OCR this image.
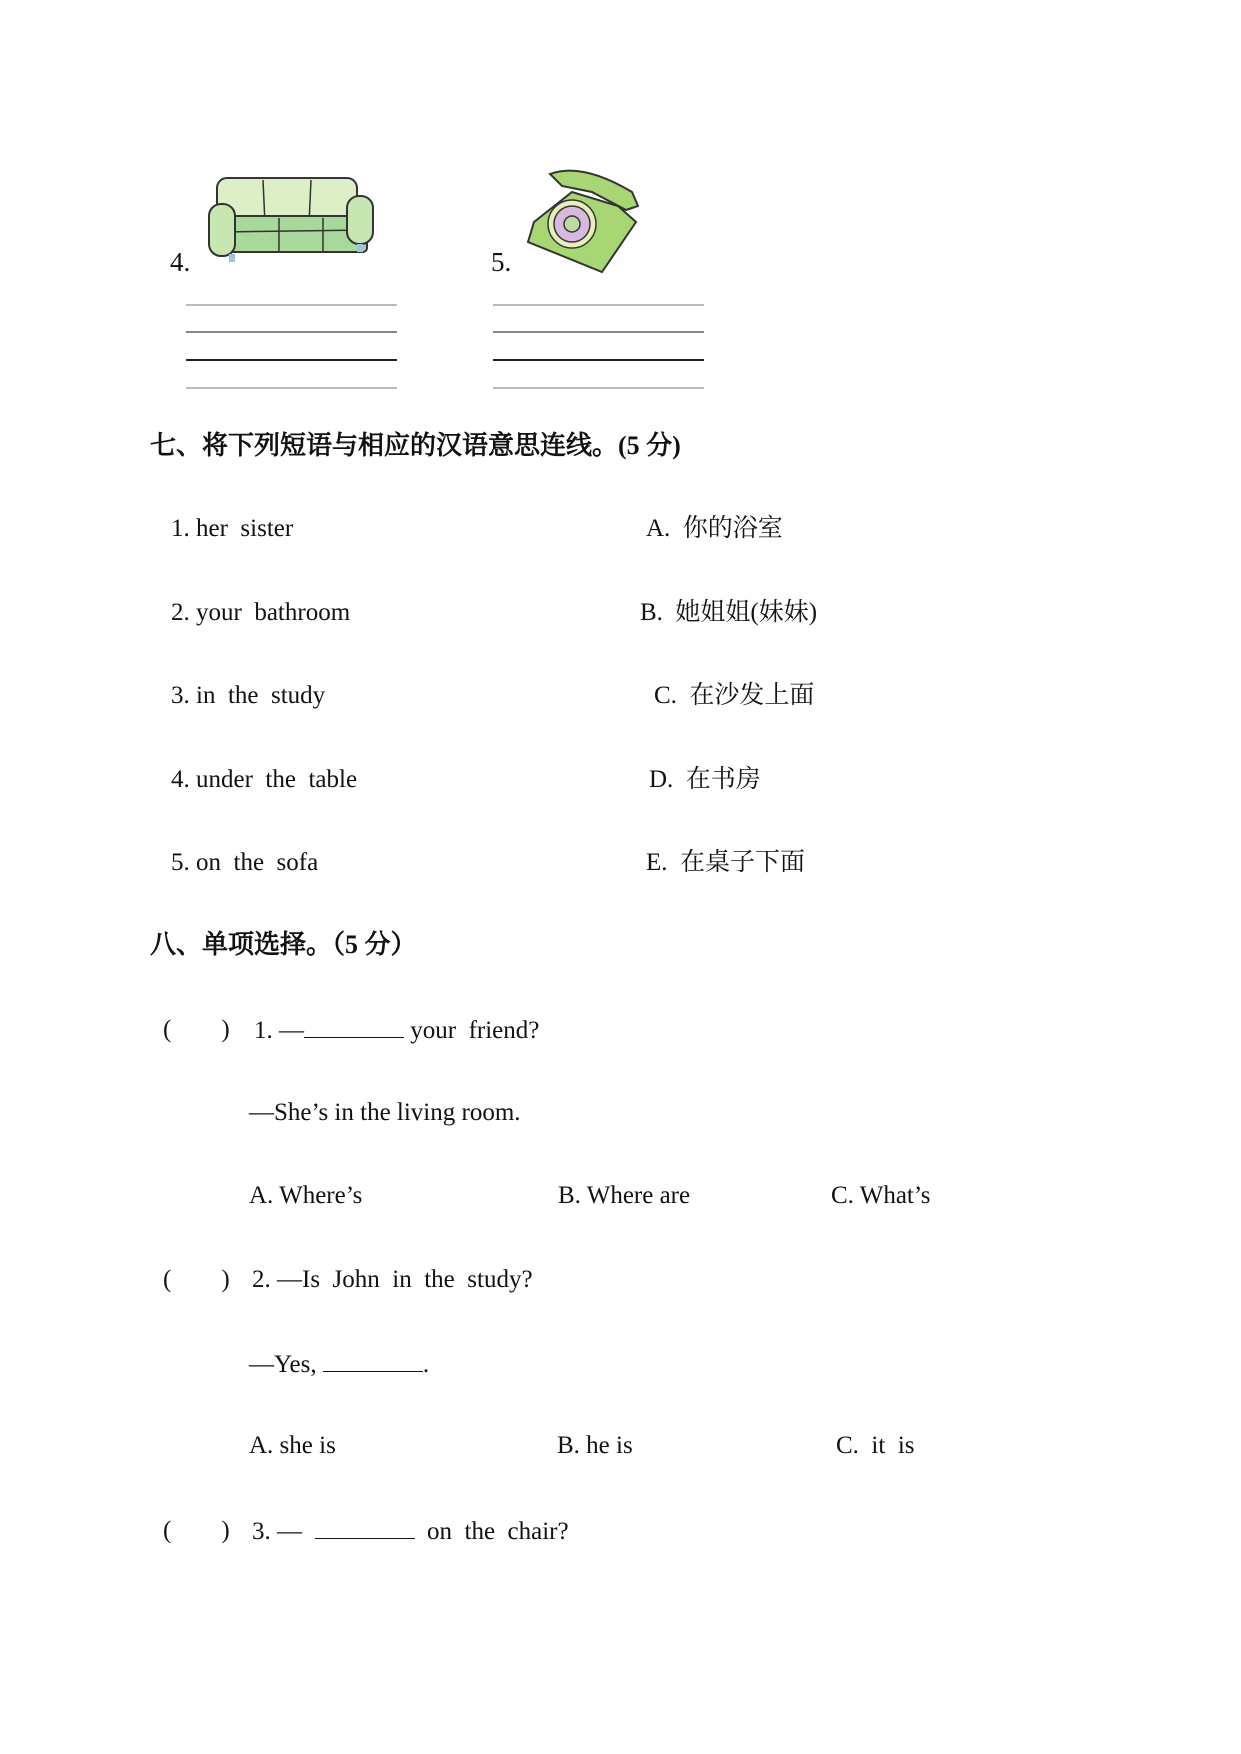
4.	5.
七、将下列短语与相应的汉语意思连线。(5 分)
1. her  sister
2. your  bathroom
3. in  the  study
4. under  the  table
5. on  the  sofa
A.  你的浴室
B.  她姐姐(妹妹)
C.  在沙发上面
D.  在书房
E.  在桌子下面
八、单项选择。（5 分）
(        ) 1. —	your  friend?
—She’s in the living room.
A. Where’s	B. Where are	C. What’s
(        ) 2. —Is  John  in  the  study?
—Yes,	.
A. she is	B. he is	C.  it  is
(        ) 3. —	on  the  chair?
